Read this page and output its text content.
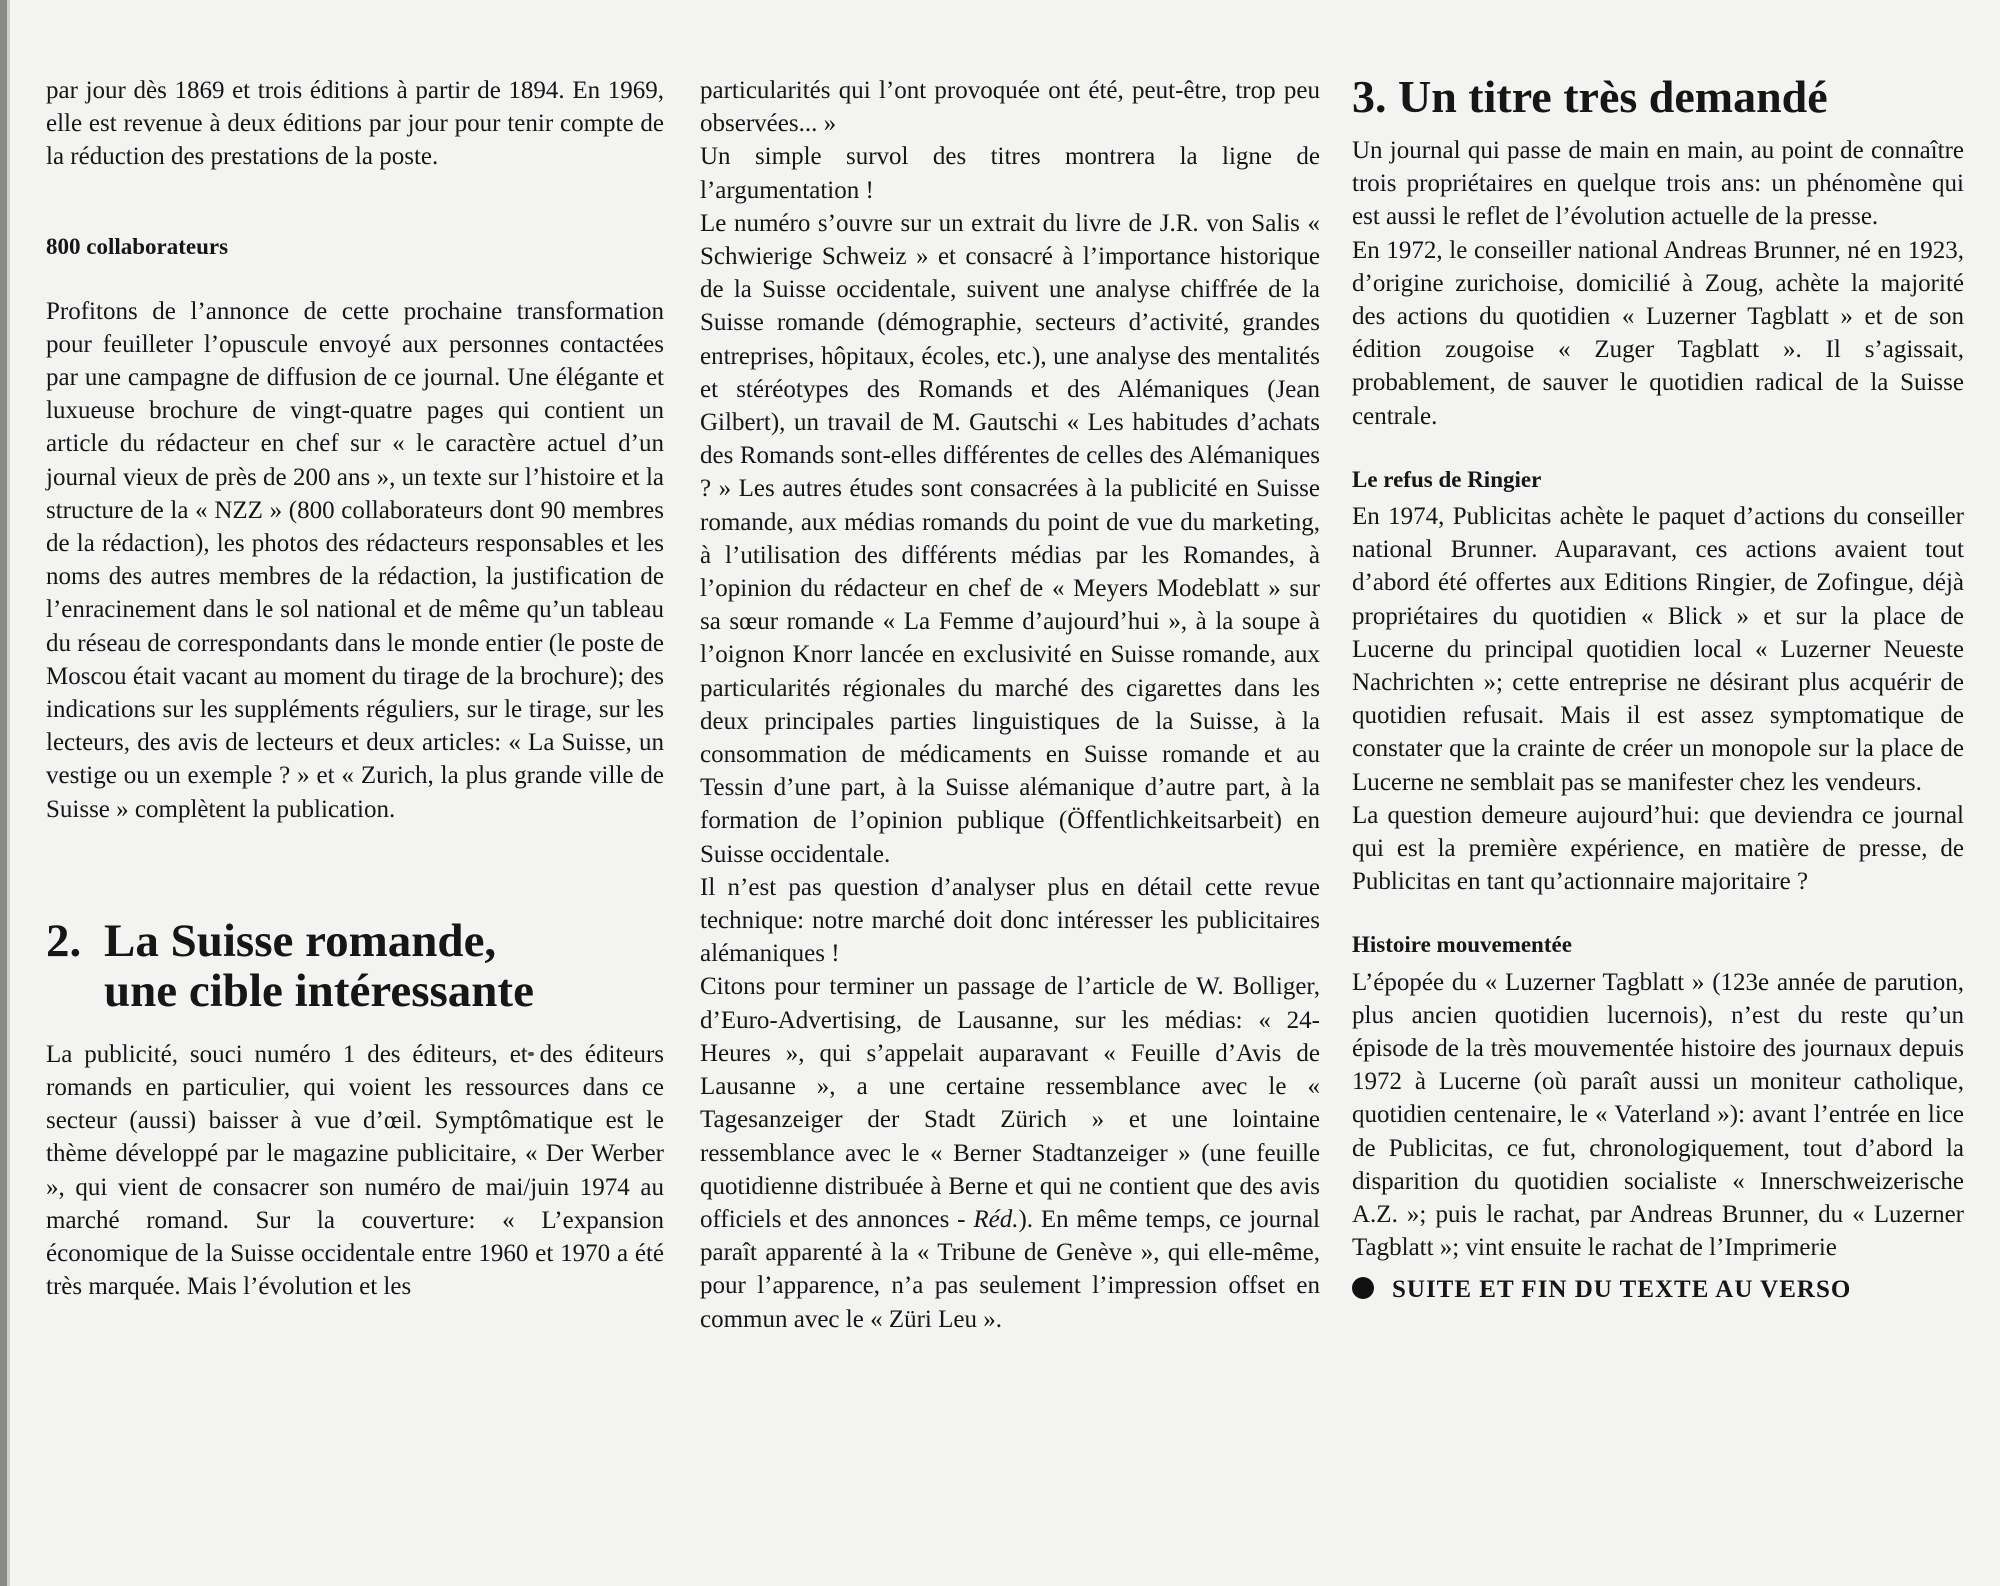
par jour dès 1869 et trois éditions à partir de 1894. En 1969, elle est revenue à deux éditions par jour pour tenir compte de la réduction des prestations de la poste.

800 collaborateurs

Profitons de l’annonce de cette prochaine transformation pour feuilleter l’opuscule envoyé aux personnes contactées par une campagne de diffusion de ce journal. Une élégante et luxueuse brochure de vingt-quatre pages qui contient un article du rédacteur en chef sur « le caractère actuel d’un journal vieux de près de 200 ans », un texte sur l’histoire et la structure de la « NZZ » (800 collaborateurs dont 90 membres de la rédaction), les photos des rédacteurs responsables et les noms des autres membres de la rédaction, la justification de l’enracinement dans le sol national et de même qu’un tableau du réseau de correspondants dans le monde entier (le poste de Moscou était vacant au moment du tirage de la brochure); des indications sur les suppléments réguliers, sur le tirage, sur les lecteurs, des avis de lecteurs et deux articles: « La Suisse, un vestige ou un exemple ? » et « Zurich, la plus grande ville de Suisse » complètent la publication.

2. La Suisse romande,
une cible intéressante

La publicité, souci numéro 1 des éditeurs, et des éditeurs romands en particulier, qui voient les ressources dans ce secteur (aussi) baisser à vue d’œil. Symptômatique est le thème développé par le magazine publicitaire, « Der Werber », qui vient de consacrer son numéro de mai/juin 1974 au marché romand. Sur la couverture: « L’expansion économique de la Suisse occidentale entre 1960 et 1970 a été très marquée. Mais l’évolution et les

particularités qui l’ont provoquée ont été, peut-être, trop peu observées... »

Un simple survol des titres montrera la ligne de l’argumentation !

Le numéro s’ouvre sur un extrait du livre de J.R. von Salis « Schwierige Schweiz » et consacré à l’importance historique de la Suisse occidentale, suivent une analyse chiffrée de la Suisse romande (démographie, secteurs d’activité, grandes entreprises, hôpitaux, écoles, etc.), une analyse des mentalités et stéréotypes des Romands et des Alémaniques (Jean Gilbert), un travail de M. Gautschi « Les habitudes d’achats des Romands sont-elles différentes de celles des Alémaniques ? » Les autres études sont consacrées à la publicité en Suisse romande, aux médias romands du point de vue du marketing, à l’utilisation des différents médias par les Romandes, à l’opinion du rédacteur en chef de « Meyers Modeblatt » sur sa sœur romande « La Femme d’aujourd’hui », à la soupe à l’oignon Knorr lancée en exclusivité en Suisse romande, aux particularités régionales du marché des cigarettes dans les deux principales parties linguistiques de la Suisse, à la consommation de médicaments en Suisse romande et au Tessin d’une part, à la Suisse alémanique d’autre part, à la formation de l’opinion publique (Öffentlichkeitsarbeit) en Suisse occidentale.

Il n’est pas question d’analyser plus en détail cette revue technique: notre marché doit donc intéresser les publicitaires alémaniques !

Citons pour terminer un passage de l’article de W. Bolliger, d’Euro-Advertising, de Lausanne, sur les médias: « 24-Heures », qui s’appelait auparavant « Feuille d’Avis de Lausanne », a une certaine ressemblance avec le « Tagesanzeiger der Stadt Zürich » et une lointaine ressemblance avec le « Berner Stadtanzeiger » (une feuille quotidienne distribuée à Berne et qui ne contient que des avis officiels et des annonces - Réd.). En même temps, ce journal paraît apparenté à la « Tribune de Genève », qui elle-même, pour l’apparence, n’a pas seulement l’impression offset en commun avec le « Züri Leu ».

3. Un titre très demandé

Un journal qui passe de main en main, au point de connaître trois propriétaires en quelque trois ans: un phénomène qui est aussi le reflet de l’évolution actuelle de la presse.

En 1972, le conseiller national Andreas Brunner, né en 1923, d’origine zurichoise, domicilié à Zoug, achète la majorité des actions du quotidien « Luzerner Tagblatt » et de son édition zougoise « Zuger Tagblatt ». Il s’agissait, probablement, de sauver le quotidien radical de la Suisse centrale.

Le refus de Ringier

En 1974, Publicitas achète le paquet d’actions du conseiller national Brunner. Auparavant, ces actions avaient tout d’abord été offertes aux Editions Ringier, de Zofingue, déjà propriétaires du quotidien « Blick » et sur la place de Lucerne du principal quotidien local « Luzerner Neueste Nachrichten »; cette entreprise ne désirant plus acquérir de quotidien refusait. Mais il est assez symptomatique de constater que la crainte de créer un monopole sur la place de Lucerne ne semblait pas se manifester chez les vendeurs.

La question demeure aujourd’hui: que deviendra ce journal qui est la première expérience, en matière de presse, de Publicitas en tant qu’actionnaire majoritaire ?

Histoire mouvementée

L’épopée du « Luzerner Tagblatt » (123e année de parution, plus ancien quotidien lucernois), n’est du reste qu’un épisode de la très mouvementée histoire des journaux depuis 1972 à Lucerne (où paraît aussi un moniteur catholique, quotidien centenaire, le « Vaterland »): avant l’entrée en lice de Publicitas, ce fut, chronologiquement, tout d’abord la disparition du quotidien socialiste « Innerschweizerische A.Z. »; puis le rachat, par Andreas Brunner, du « Luzerner Tagblatt »; vint ensuite le rachat de l’Imprimerie

SUITE ET FIN DU TEXTE AU VERSO
